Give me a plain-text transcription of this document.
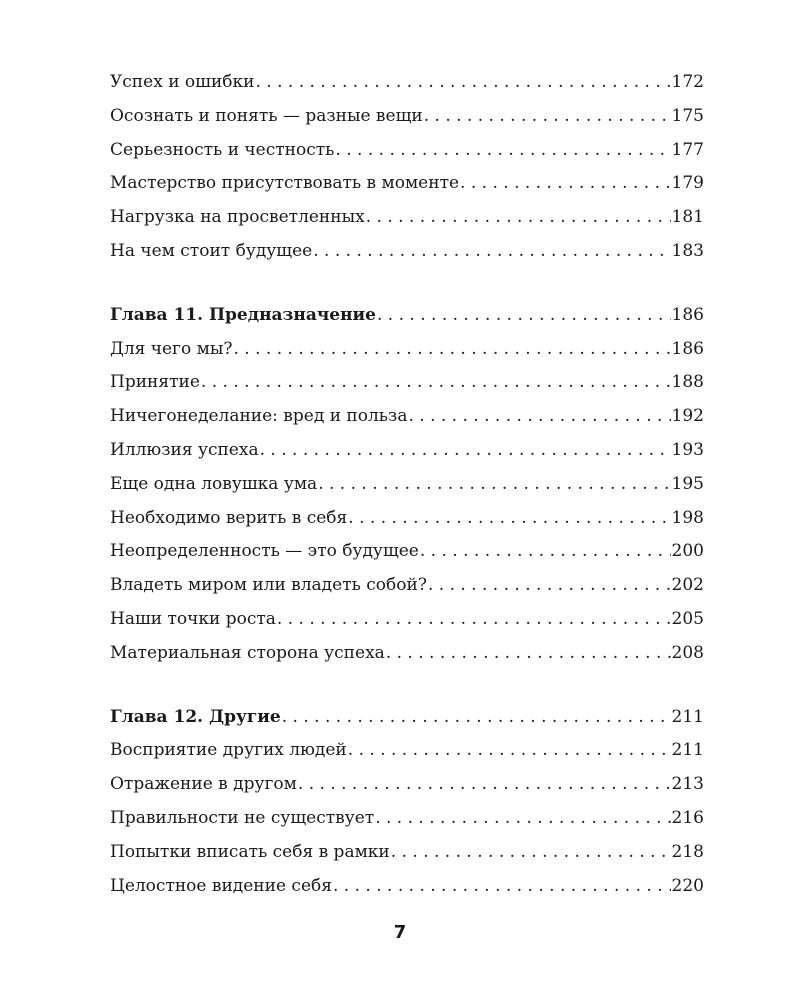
Успех и ошибки . . .	172
Осознать и понять — разные вещи . . .	175
Серьезность и честность . . .	177
Мастерство присутствовать в моменте . . .	179
Нагрузка на просветленных . . .	181
На чем стоит будущее . . .	183
Глава 11. Предназначение . . .	186
Для чего мы? . . .	186
Принятие . . .	188
Ничегонеделание: вред и польза . . .	192
Иллюзия успеха . . .	193
Еще одна ловушка ума . . .	195
Необходимо верить в себя . . .	198
Неопределенность — это будущее . . .	200
Владеть миром или владеть собой? . . .	202
Наши точки роста . . .	205
Материальная сторона успеха . . .	208
Глава 12. Другие . . .	211
Восприятие других людей . . .	211
Отражение в другом . . .	213
Правильности не существует . . .	216
Попытки вписать себя в рамки . . .	218
Целостное видение себя . . .	220
7
